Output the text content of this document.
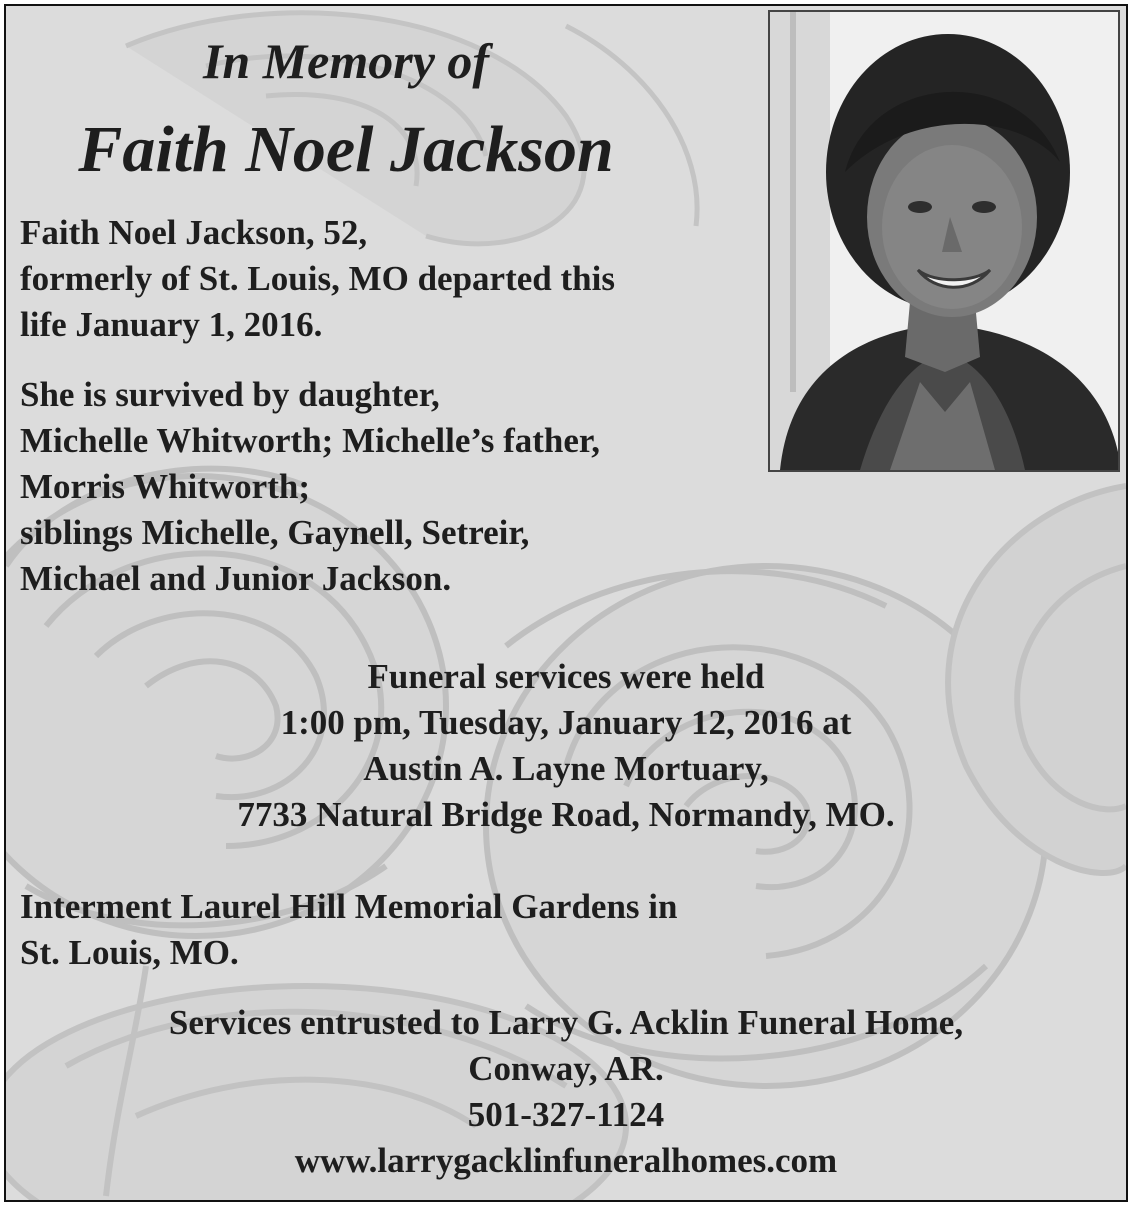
In Memory of
Faith Noel Jackson

Faith Noel Jackson, 52,
formerly of St. Louis, MO departed this
life January 1, 2016.

She is survived by daughter,
Michelle Whitworth; Michelle’s father,
Morris Whitworth;
siblings Michelle, Gaynell, Setreir,
Michael and Junior Jackson.

Funeral services were held
1:00 pm, Tuesday, January 12, 2016 at
Austin A. Layne Mortuary,
7733 Natural Bridge Road, Normandy, MO.

Interment Laurel Hill Memorial Gardens in
St. Louis, MO.

Services entrusted to Larry G. Acklin Funeral Home,
Conway, AR.
501-327-1124
www.larrygacklinfuneralhomes.com
